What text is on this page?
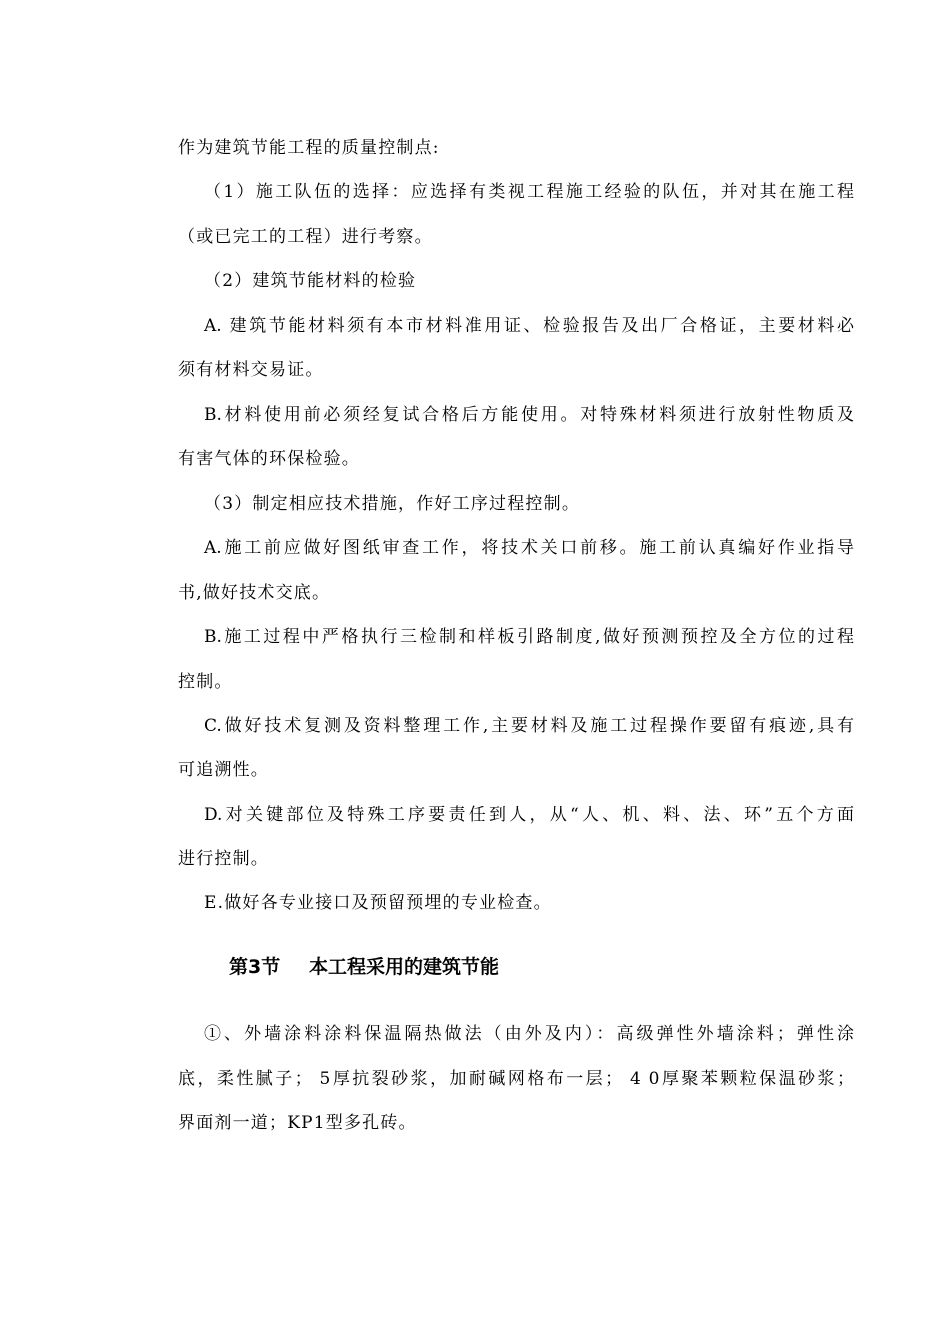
作为建筑节能工程的质量控制点:
（1）施工队伍的选择：应选择有类视工程施工经验的队伍，并对其在施工程
（或已完工的工程）进行考察。
（2）建筑节能材料的检验
A. 建筑节能材料须有本市材料准用证、检验报告及出厂合格证，主要材料必
须有材料交易证。
B.材料使用前必须经复试合格后方能使用。对特殊材料须进行放射性物质及
有害气体的环保检验。
（3）制定相应技术措施，作好工序过程控制。
A.施工前应做好图纸审查工作，将技术关口前移。施工前认真编好作业指导
书,做好技术交底。
B.施工过程中严格执行三检制和样板引路制度,做好预测预控及全方位的过程
控制。
C.做好技术复测及资料整理工作,主要材料及施工过程操作要留有痕迹,具有
可追溯性。
D.对关键部位及特殊工序要责任到人，从“人、机、料、法、环”五个方面
进行控制。
E.做好各专业接口及预留预埋的专业检查。
第3节 本工程采用的建筑节能
①、外墙涂料涂料保温隔热做法（由外及内）：高级弹性外墙涂料；弹性涂
底，柔性腻子； 5厚抗裂砂浆，加耐碱网格布一层； 4 0厚聚苯颗粒保温砂浆；
界面剂一道；KP1型多孔砖。
